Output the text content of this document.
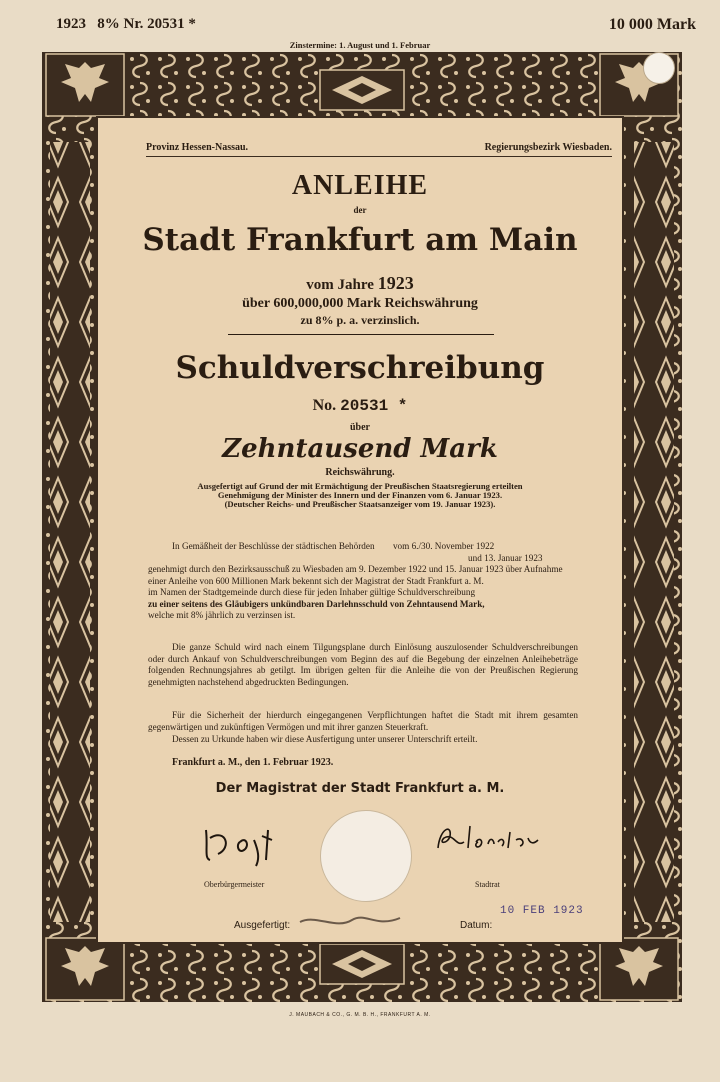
1923   8% Nr. 20531 *	10 000 Mark
Zinstermine: 1. August und 1. Februar
Provinz Hessen-Nassau.	Regierungsbezirk Wiesbaden.
ANLEIHE
der
Stadt Frankfurt am Main
vom Jahre 1923
über 600,000,000 Mark Reichswährung
zu 8% p. a. verzinslich.
Schuldverschreibung
No. 20531 *
über
Zehntausend Mark
Reichswährung.
Ausgefertigt auf Grund der mit Ermächtigung der Preußischen Staatsregierung erteilten
Genehmigung der Minister des Innern und der Finanzen vom 6. Januar 1923.
(Deutscher Reichs- und Preußischer Staatsanzeiger vom 19. Januar 1923).
In Gemäßheit der Beschlüsse der städtischen Behörden        vom 6./30. November 1922
und 13. Januar 1923
genehmigt durch den Bezirksausschuß zu Wiesbaden am 9. Dezember 1922 und 15. Januar 1923 über Aufnahme
einer Anleihe von 600 Millionen Mark bekennt sich der Magistrat der Stadt Frankfurt a. M.
im Namen der Stadtgemeinde durch diese für jeden Inhaber gültige Schuldverschreibung
zu einer seitens des Gläubigers unkündbaren Darlehnsschuld von Zehntausend Mark,
welche mit 8% jährlich zu verzinsen ist.
Die ganze Schuld wird nach einem Tilgungsplane durch Einlösung auszulosender Schuldverschreibungen oder durch Ankauf von Schuldverschreibungen vom Beginn des auf die Begebung der einzelnen Anleihebeträge folgenden Rechnungsjahres ab getilgt. Im übrigen gelten für die Anleihe die von der Preußischen Regierung genehmigten nachstehend abgedruckten Bedingungen.
Für die Sicherheit der hierdurch eingegangenen Verpflichtungen haftet die Stadt mit ihrem gesamten gegenwärtigen und zukünftigen Vermögen und mit ihrer ganzen Steuerkraft.
Dessen zu Urkunde haben wir diese Ausfertigung unter unserer Unterschrift erteilt.
Frankfurt a. M., den 1. Februar 1923.
Der Magistrat der Stadt Frankfurt a. M.
Oberbürgermeister	Stadtrat
Ausgefertigt:	Datum:
10 FEB 1923
J. MAUBACH & CO., G. M. B. H., FRANKFURT A. M.
